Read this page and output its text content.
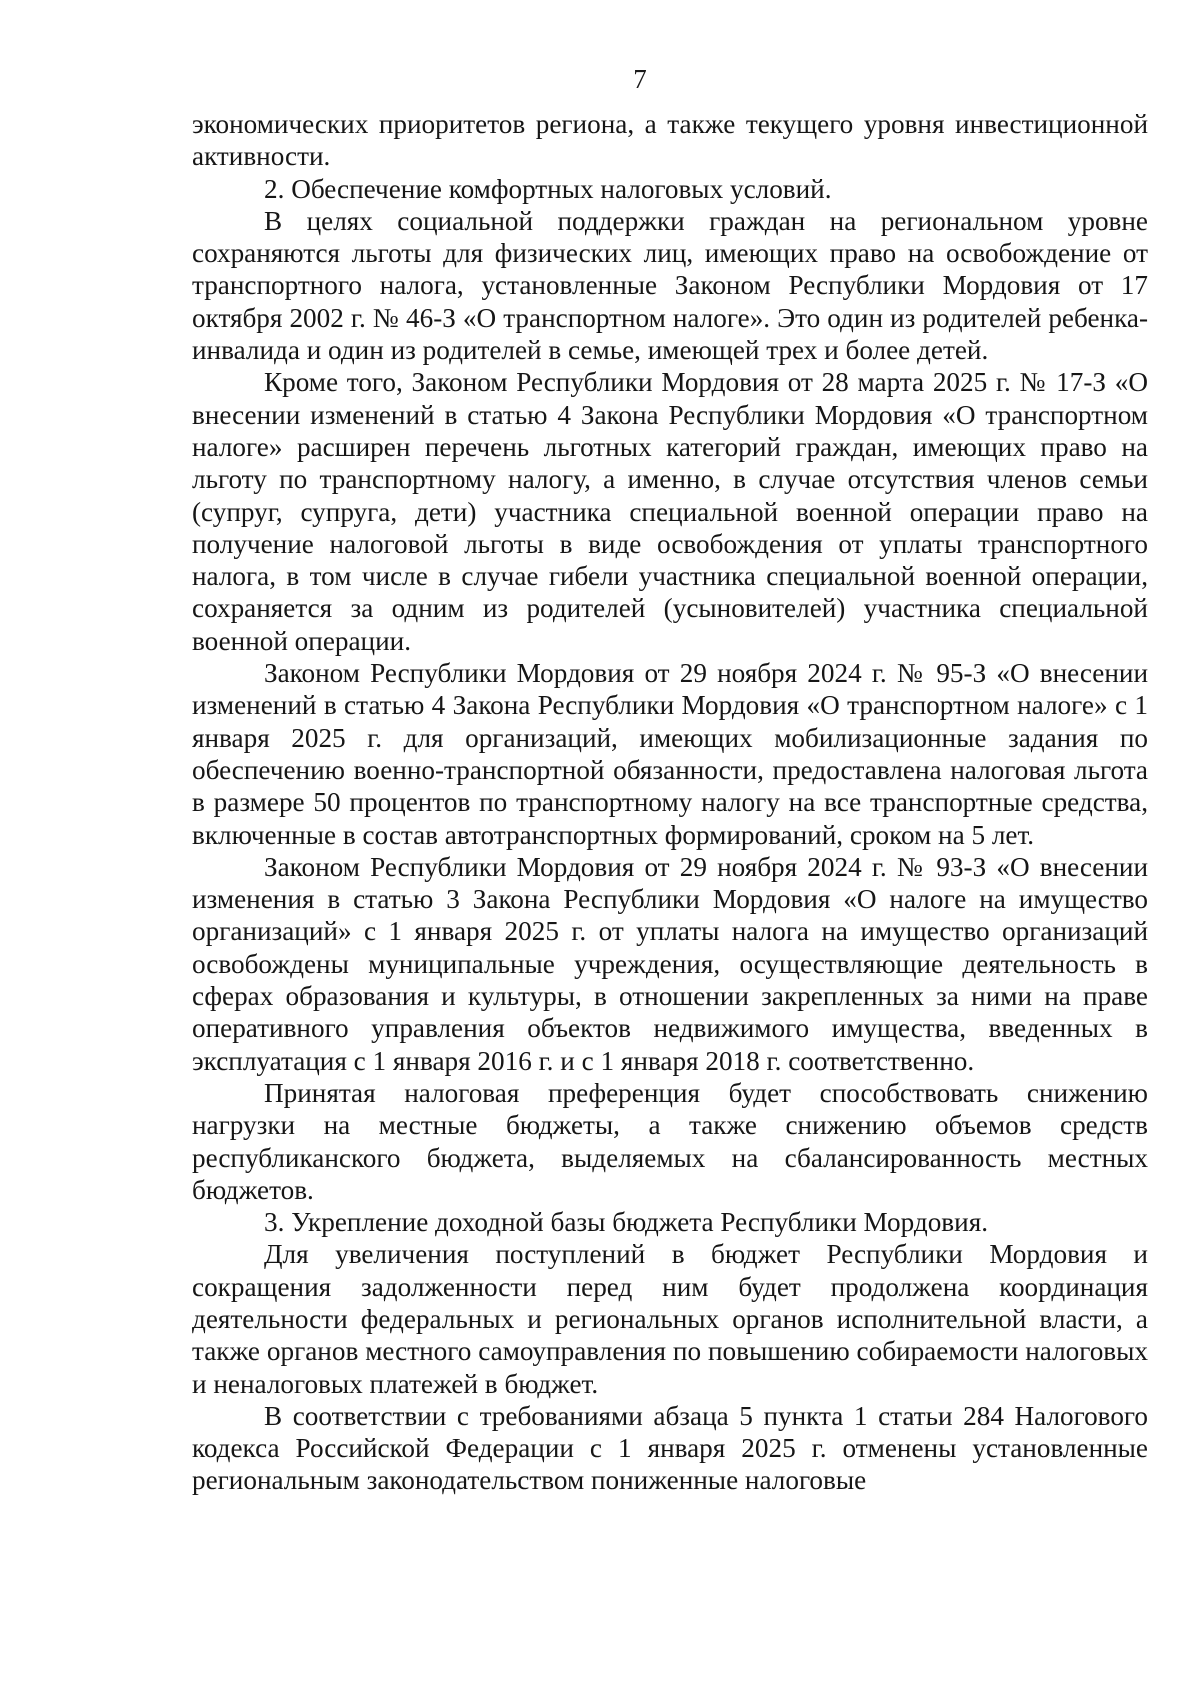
7

экономических приоритетов региона, а также текущего уровня инвестиционной активности.

2. Обеспечение комфортных налоговых условий.

В целях социальной поддержки граждан на региональном уровне сохраняются льготы для физических лиц, имеющих право на освобождение от транспортного налога, установленные Законом Республики Мордовия от 17 октября 2002 г. № 46-З «О транспортном налоге». Это один из родителей ребенка-инвалида и один из родителей в семье, имеющей трех и более детей.

Кроме того, Законом Республики Мордовия от 28 марта 2025 г. № 17-З «О внесении изменений в статью 4 Закона Республики Мордовия «О транспортном налоге» расширен перечень льготных категорий граждан, имеющих право на льготу по транспортному налогу, а именно, в случае отсутствия членов семьи (супруг, супруга, дети) участника специальной военной операции право на получение налоговой льготы в виде освобождения от уплаты транспортного налога, в том числе в случае гибели участника специальной военной операции, сохраняется за одним из родителей (усыновителей) участника специальной военной операции.

Законом Республики Мордовия от 29 ноября 2024 г. № 95-З «О внесении изменений в статью 4 Закона Республики Мордовия «О транспортном налоге» с 1 января 2025 г. для организаций, имеющих мобилизационные задания по обеспечению военно-транспортной обязанности, предоставлена налоговая льгота в размере 50 процентов по транспортному налогу на все транспортные средства, включенные в состав автотранспортных формирований, сроком на 5 лет.

Законом Республики Мордовия от 29 ноября 2024 г. № 93-З «О внесении изменения в статью 3 Закона Республики Мордовия «О налоге на имущество организаций» с 1 января 2025 г. от уплаты налога на имущество организаций освобождены муниципальные учреждения, осуществляющие деятельность в сферах образования и культуры, в отношении закрепленных за ними на праве оперативного управления объектов недвижимого имущества, введенных в эксплуатация с 1 января 2016 г. и с 1 января 2018 г. соответственно.

Принятая налоговая преференция будет способствовать снижению нагрузки на местные бюджеты, а также снижению объемов средств республиканского бюджета, выделяемых на сбалансированность местных бюджетов.

3. Укрепление доходной базы бюджета Республики Мордовия.

Для увеличения поступлений в бюджет Республики Мордовия и сокращения задолженности перед ним будет продолжена координация деятельности федеральных и региональных органов исполнительной власти, а также органов местного самоуправления по повышению собираемости налоговых и неналоговых платежей в бюджет.

В соответствии с требованиями абзаца 5 пункта 1 статьи 284 Налогового кодекса Российской Федерации с 1 января 2025 г. отменены установленные региональным законодательством пониженные налоговые
